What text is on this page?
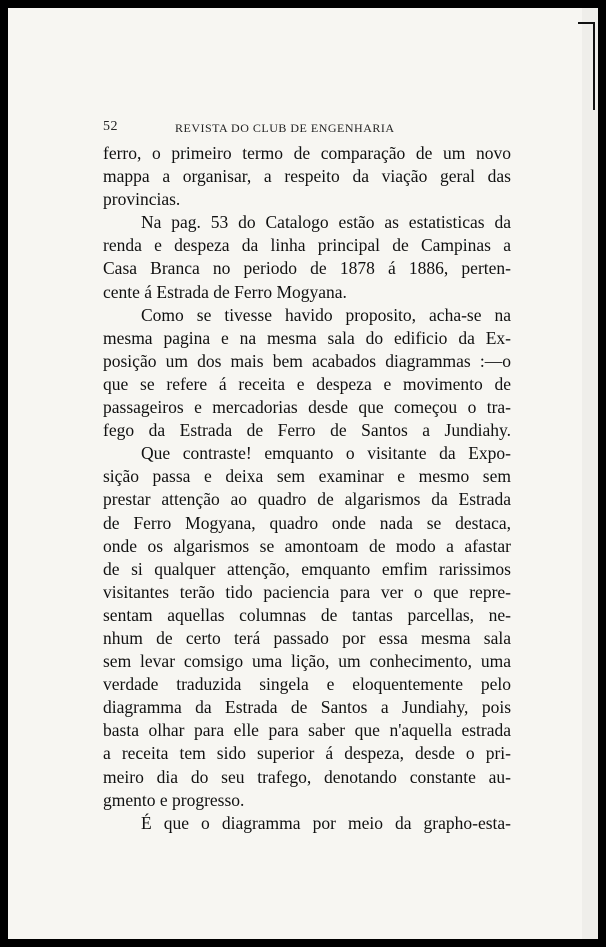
52	REVISTA DO CLUB DE ENGENHARIA

ferro, o primeiro termo de comparação de um novo

mappa a organisar, a respeito da viação geral das

provincias.

Na pag. 53 do Catalogo estão as estatisticas da

renda e despeza da linha principal de Campinas a

Casa Branca no periodo de 1878 á 1886, perten-

cente á Estrada de Ferro Mogyana.

Como se tivesse havido proposito, acha-se na

mesma pagina e na mesma sala do edificio da Ex-

posição um dos mais bem acabados diagrammas :—o

que se refere á receita e despeza e movimento de

passageiros e mercadorias desde que começou o tra-

fego da Estrada de Ferro de Santos a Jundiahy.

Que contraste! emquanto o visitante da Expo-

sição passa e deixa sem examinar e mesmo sem

prestar attenção ao quadro de algarismos da Estrada

de Ferro Mogyana, quadro onde nada se destaca,

onde os algarismos se amontoam de modo a afastar

de si qualquer attenção, emquanto emfim rarissimos

visitantes terão tido paciencia para ver o que repre-

sentam aquellas columnas de tantas parcellas, ne-

nhum de certo terá passado por essa mesma sala

sem levar comsigo uma lição, um conhecimento, uma

verdade traduzida singela e eloquentemente pelo

diagramma da Estrada de Santos a Jundiahy, pois

basta olhar para elle para saber que n'aquella estrada

a receita tem sido superior á despeza, desde o pri-

meiro dia do seu trafego, denotando constante au-

gmento e progresso.

É que o diagramma por meio da grapho-esta-
